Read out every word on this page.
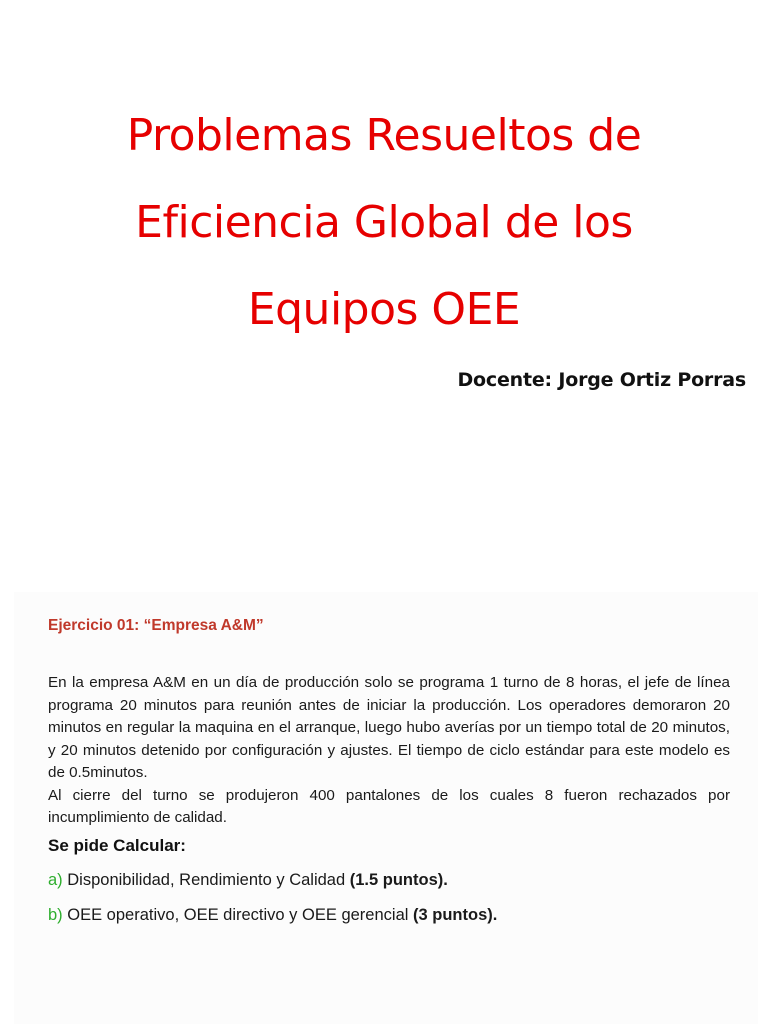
Problemas Resueltos de
Eficiencia Global de los
Equipos OEE

Docente: Jorge Ortiz Porras

Ejercicio 01: “Empresa A&M”

En la empresa A&M en un día de producción solo se programa 1 turno de 8 horas, el jefe de línea programa 20 minutos para reunión antes de iniciar la producción. Los operadores demoraron 20 minutos en regular la maquina en el arranque, luego hubo averías por un tiempo total de 20 minutos, y 20 minutos detenido por configuración y ajustes. El tiempo de ciclo estándar para este modelo es de 0.5minutos.

Al cierre del turno se produjeron 400 pantalones de los cuales 8 fueron rechazados por incumplimiento de calidad.

Se pide Calcular:

a) Disponibilidad, Rendimiento y Calidad (1.5 puntos).

b) OEE operativo, OEE directivo y OEE gerencial (3 puntos).
